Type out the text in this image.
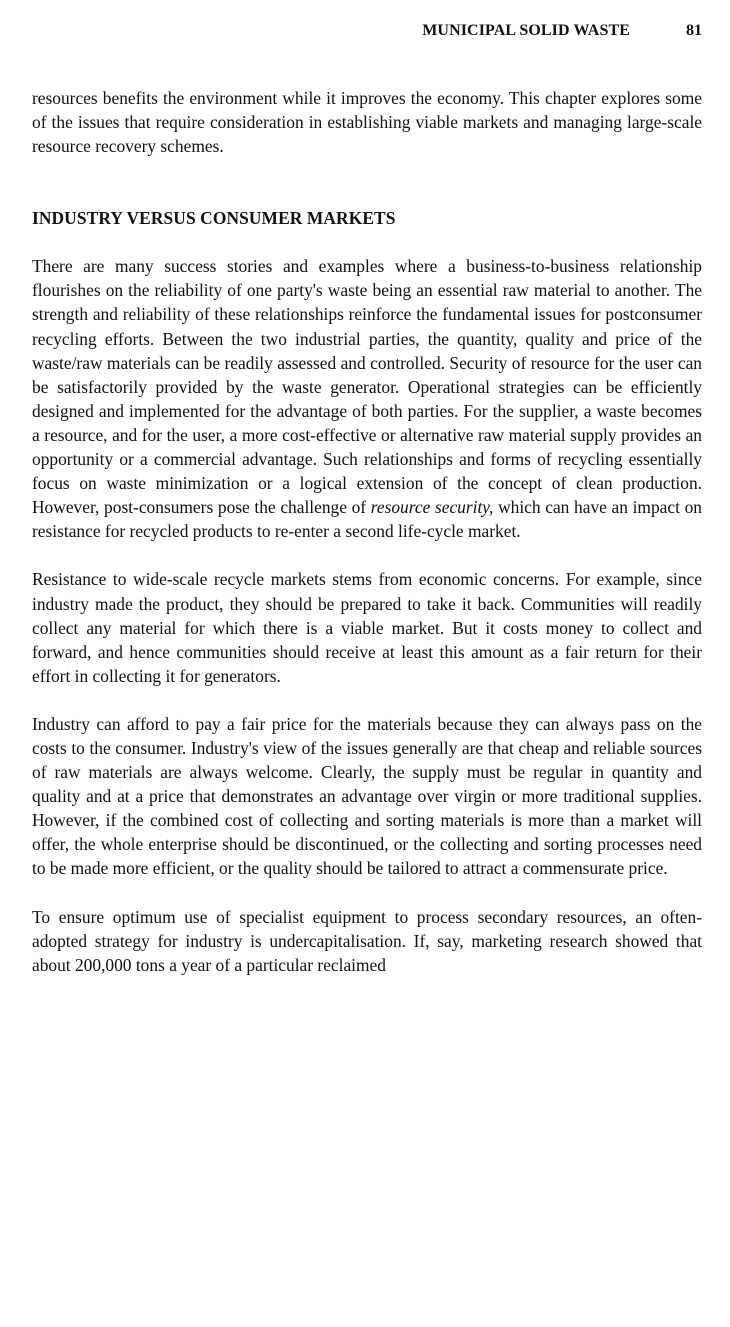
MUNICIPAL SOLID WASTE	81

resources benefits the environment while it improves the economy. This chapter explores some of the issues that require consideration in establishing viable markets and managing large-scale resource recovery schemes.

INDUSTRY VERSUS CONSUMER MARKETS

There are many success stories and examples where a business-to-business relationship flourishes on the reliability of one party's waste being an essential raw material to another. The strength and reliability of these relationships reinforce the fundamental issues for postconsumer recycling efforts. Between the two industrial parties, the quantity, quality and price of the waste/raw materials can be readily assessed and controlled. Security of resource for the user can be satisfactorily provided by the waste generator. Operational strategies can be efficiently designed and implemented for the advantage of both parties. For the supplier, a waste becomes a resource, and for the user, a more cost-effective or alternative raw material supply provides an opportunity or a commercial advantage. Such relationships and forms of recycling essentially focus on waste minimization or a logical extension of the concept of clean production. However, post-consumers pose the challenge of resource security, which can have an impact on resistance for recycled products to re-enter a second life-cycle market.

Resistance to wide-scale recycle markets stems from economic concerns. For example, since industry made the product, they should be prepared to take it back. Communities will readily collect any material for which there is a viable market. But it costs money to collect and forward, and hence communities should receive at least this amount as a fair return for their effort in collecting it for generators.

Industry can afford to pay a fair price for the materials because they can always pass on the costs to the consumer. Industry's view of the issues generally are that cheap and reliable sources of raw materials are always welcome. Clearly, the supply must be regular in quantity and quality and at a price that demonstrates an advantage over virgin or more traditional supplies. However, if the combined cost of collecting and sorting materials is more than a market will offer, the whole enterprise should be discontinued, or the collecting and sorting processes need to be made more efficient, or the quality should be tailored to attract a commensurate price.

To ensure optimum use of specialist equipment to process secondary resources, an often-adopted strategy for industry is undercapitalisation. If, say, marketing research showed that about 200,000 tons a year of a particular reclaimed
